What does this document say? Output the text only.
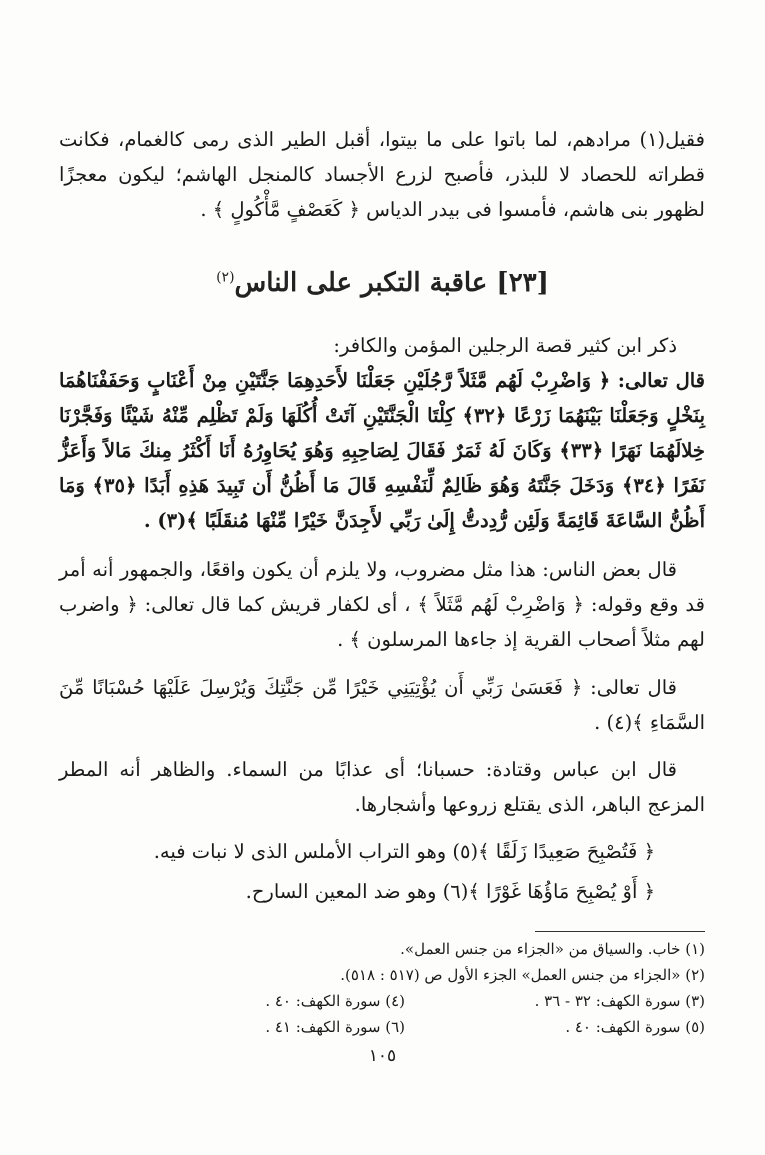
فقيل(١) مرادهم، لما باتوا على ما بيتوا، أقبل الطير الذى رمى كالغمام، فكانت قطراته للحصاد لا للبذر، فأصبح لزرع الأجساد كالمنجل الهاشم؛ ليكون معجزًا لظهور بنى هاشم، فأمسوا فى بيدر الدياس ﴿ كَعَصْفٍ مَّأْكُولٍ ﴾ .

[٢٣] عاقبة التكبر على الناس$^{(٢)}$

ذكر ابن كثير قصة الرجلين المؤمن والكافر:

قال تعالى: ﴿ وَاضْرِبْ لَهُم مَّثَلاً رَّجُلَيْنِ جَعَلْنَا لأَحَدِهِمَا جَنَّتَيْنِ مِنْ أَعْنَابٍ وَحَفَفْنَاهُمَا بِنَخْلٍ وَجَعَلْنَا بَيْنَهُمَا زَرْعًا ﴿٣٢﴾ كِلْتَا الْجَنَّتَيْنِ آتَتْ أُكُلَهَا وَلَمْ تَظْلِم مِّنْهُ شَيْئًا وَفَجَّرْنَا خِلالَهُمَا نَهَرًا ﴿٣٣﴾ وَكَانَ لَهُ ثَمَرٌ فَقَالَ لِصَاحِبِهِ وَهُوَ يُحَاوِرُهُ أَنَا أَكْثَرُ مِنكَ مَالاً وَأَعَزُّ نَفَرًا ﴿٣٤﴾ وَدَخَلَ جَنَّتَهُ وَهُوَ ظَالِمٌ لِّنَفْسِهِ قَالَ مَا أَظُنُّ أَن تَبِيدَ هَذِهِ أَبَدًا ﴿٣٥﴾ وَمَا أَظُنُّ السَّاعَةَ قَائِمَةً وَلَئِن رُّدِدتُّ إِلَىٰ رَبِّي لأَجِدَنَّ خَيْرًا مِّنْهَا مُنقَلَبًا ﴾(٣) .

قال بعض الناس: هذا مثل مضروب، ولا يلزم أن يكون واقعًا، والجمهور أنه أمر قد وقع وقوله: ﴿ وَاضْرِبْ لَهُم مَّثَلاً ﴾ ، أى لكفار قريش كما قال تعالى: ﴿ واضرب لهم مثلاً أصحاب القرية إذ جاءها المرسلون ﴾ .

قال تعالى: ﴿ فَعَسَىٰ رَبِّي أَن يُؤْتِيَنِي خَيْرًا مِّن جَنَّتِكَ وَيُرْسِلَ عَلَيْهَا حُسْبَانًا مِّنَ السَّمَاءِ ﴾(٤) .

قال ابن عباس وقتادة: حسبانا؛ أى عذابًا من السماء. والظاهر أنه المطر المزعج الباهر، الذى يقتلع زروعها وأشجارها.

﴿ فَتُصْبِحَ صَعِيدًا زَلَقًا ﴾(٥) وهو التراب الأملس الذى لا نبات فيه.
﴿ أَوْ يُصْبِحَ مَاؤُهَا غَوْرًا ﴾(٦) وهو ضد المعين السارح.
(١) خاب. والسياق من «الجزاء من جنس العمل».
(٢) «الجزاء من جنس العمل» الجزء الأول ص (٥١٧ : ٥١٨).
(٣) سورة الكهف: ٣٢ - ٣٦ .
(٤) سورة الكهف: ٤٠ .
(٥) سورة الكهف: ٤٠ .
(٦) سورة الكهف: ٤١ .
١٠٥
